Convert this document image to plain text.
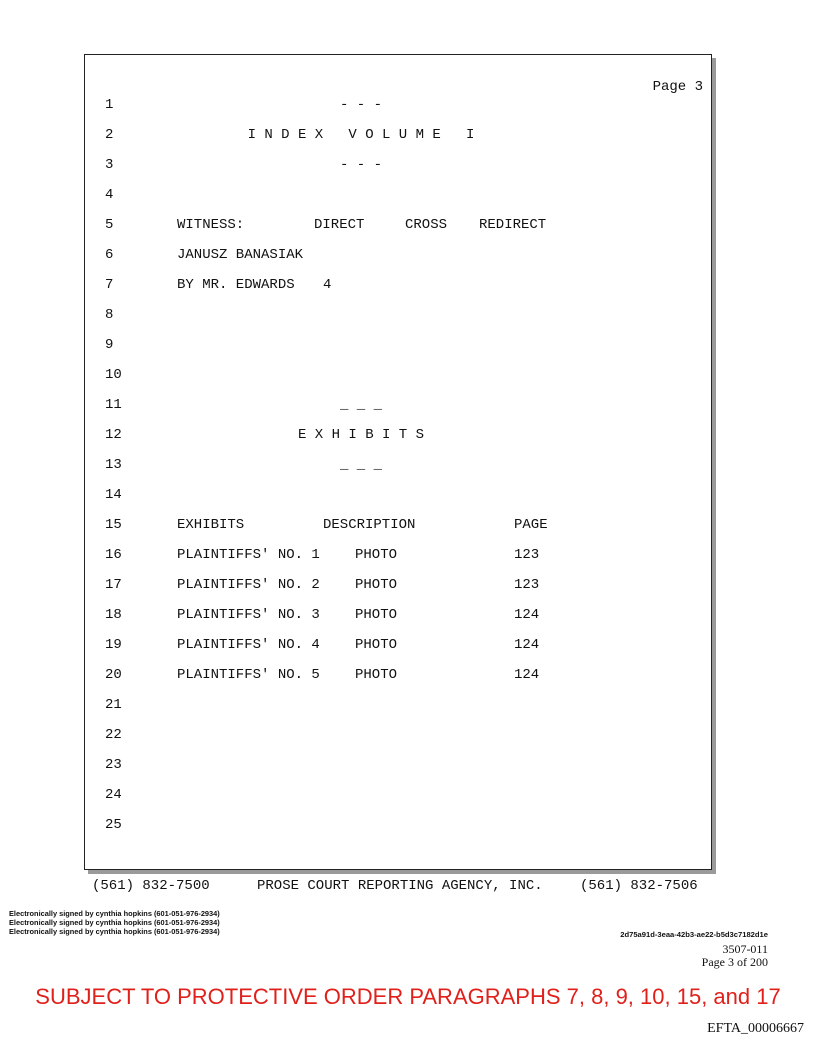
Page 3
1
2
3
4
5
6
7
8
9
10
11
12
13
14
15
16
17
18
19
20
21
22
23
24
25
- - -
I N D E X   V O L U M E   I
- - -
WITNESS:	DIRECT	CROSS REDIRECT
JANUSZ BANASIAK
BY MR. EDWARDS 4
_ _ _
E X H I B I T S
_ _ _
EXHIBITS	DESCRIPTION	PAGE
PLAINTIFFS' NO. 1	PHOTO	123
PLAINTIFFS' NO. 2	PHOTO	123
PLAINTIFFS' NO. 3	PHOTO	124
PLAINTIFFS' NO. 4	PHOTO	124
PLAINTIFFS' NO. 5	PHOTO	124
(561) 832-7500	PROSE COURT REPORTING AGENCY, INC.	(561) 832-7506
Electronically signed by cynthia hopkins (601-051-976-2934)
Electronically signed by cynthia hopkins (601-051-976-2934)
Electronically signed by cynthia hopkins (601-051-976-2934)	2d75a91d-3eaa-42b3-ae22-b5d3c7182d1e
3507-011
Page 3 of 200
SUBJECT TO PROTECTIVE ORDER PARAGRAPHS 7, 8, 9, 10, 15, and 17
EFTA_00006667
